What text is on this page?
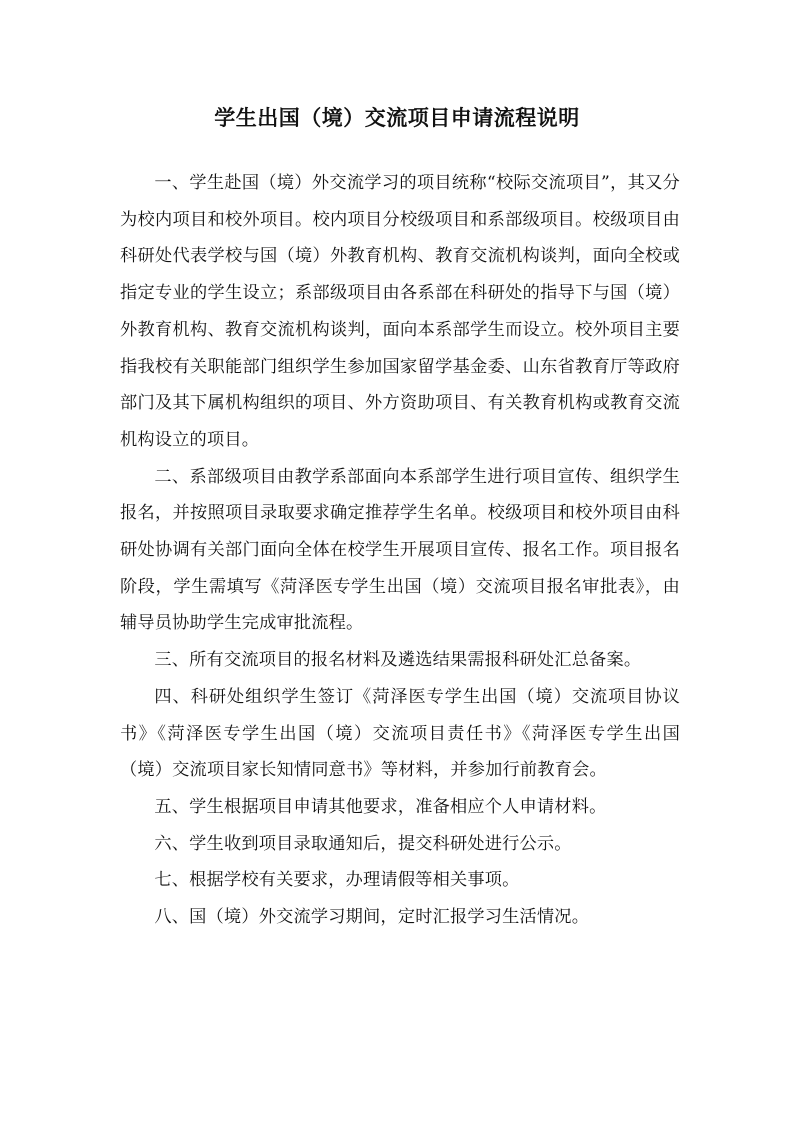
学生出国（境）交流项目申请流程说明

一、学生赴国（境）外交流学习的项目统称“校际交流项目”，其又分为校内项目和校外项目。校内项目分校级项目和系部级项目。校级项目由科研处代表学校与国（境）外教育机构、教育交流机构谈判，面向全校或指定专业的学生设立；系部级项目由各系部在科研处的指导下与国（境）外教育机构、教育交流机构谈判，面向本系部学生而设立。校外项目主要指我校有关职能部门组织学生参加国家留学基金委、山东省教育厅等政府部门及其下属机构组织的项目、外方资助项目、有关教育机构或教育交流机构设立的项目。

二、系部级项目由教学系部面向本系部学生进行项目宣传、组织学生报名，并按照项目录取要求确定推荐学生名单。校级项目和校外项目由科研处协调有关部门面向全体在校学生开展项目宣传、报名工作。项目报名阶段，学生需填写《菏泽医专学生出国（境）交流项目报名审批表》，由辅导员协助学生完成审批流程。

三、所有交流项目的报名材料及遴选结果需报科研处汇总备案。

四、科研处组织学生签订《菏泽医专学生出国（境）交流项目协议书》《菏泽医专学生出国（境）交流项目责任书》《菏泽医专学生出国（境）交流项目家长知情同意书》等材料，并参加行前教育会。

五、学生根据项目申请其他要求，准备相应个人申请材料。

六、学生收到项目录取通知后，提交科研处进行公示。

七、根据学校有关要求，办理请假等相关事项。

八、国（境）外交流学习期间，定时汇报学习生活情况。
